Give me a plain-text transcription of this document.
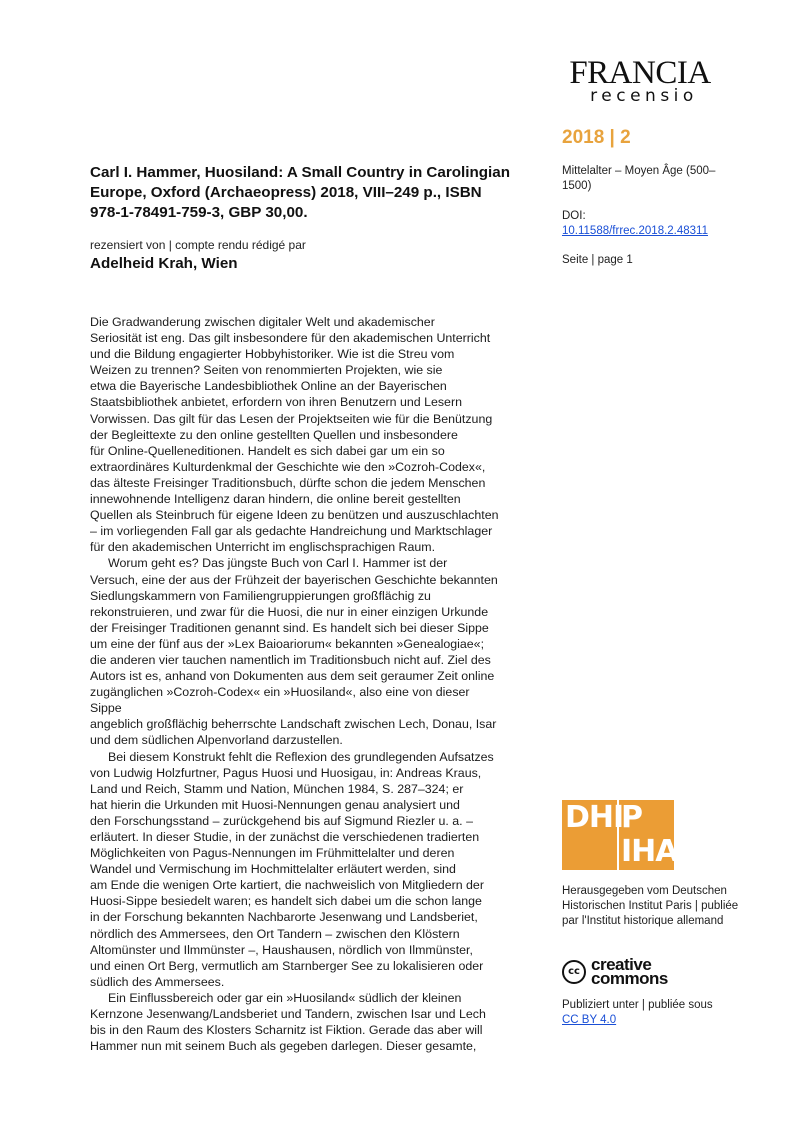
FRANCIA
recensio
2018 | 2
Mittelalter – Moyen Âge (500–
1500)
DOI:
10.11588/frrec.2018.2.48311
Seite | page 1
Carl I. Hammer, Huosiland: A Small Country in Carolingian
Europe, Oxford (Archaeopress) 2018, VIII–249 p., ISBN
978-1-78491-759-3, GBP 30,00.
rezensiert von | compte rendu rédigé par
Adelheid Krah, Wien

Die Gradwanderung zwischen digitaler Welt und akademischer
Seriosität ist eng. Das gilt insbesondere für den akademischen Unterricht
und die Bildung engagierter Hobbyhistoriker. Wie ist die Streu vom
Weizen zu trennen? Seiten von renommierten Projekten, wie sie
etwa die Bayerische Landesbibliothek Online an der Bayerischen
Staatsbibliothek anbietet, erfordern von ihren Benutzern und Lesern
Vorwissen. Das gilt für das Lesen der Projektseiten wie für die Benützung
der Begleittexte zu den online gestellten Quellen und insbesondere
für Online-Quelleneditionen. Handelt es sich dabei gar um ein so
extraordinäres Kulturdenkmal der Geschichte wie den »Cozroh-Codex«,
das älteste Freisinger Traditionsbuch, dürfte schon die jedem Menschen
innewohnende Intelligenz daran hindern, die online bereit gestellten
Quellen als Steinbruch für eigene Ideen zu benützen und auszuschlachten
– im vorliegenden Fall gar als gedachte Handreichung und Marktschlager
für den akademischen Unterricht im englischsprachigen Raum.

Worum geht es? Das jüngste Buch von Carl I. Hammer ist der
Versuch, eine der aus der Frühzeit der bayerischen Geschichte bekannten
Siedlungskammern von Familiengruppierungen großflächig zu
rekonstruieren, und zwar für die Huosi, die nur in einer einzigen Urkunde
der Freisinger Traditionen genannt sind. Es handelt sich bei dieser Sippe
um eine der fünf aus der »Lex Baioariorum« bekannten »Genealogiae«;
die anderen vier tauchen namentlich im Traditionsbuch nicht auf. Ziel des
Autors ist es, anhand von Dokumenten aus dem seit geraumer Zeit online
zugänglichen »Cozroh-Codex« ein »Huosiland«, also eine von dieser Sippe
angeblich großflächig beherrschte Landschaft zwischen Lech, Donau, Isar
und dem südlichen Alpenvorland darzustellen.

Bei diesem Konstrukt fehlt die Reflexion des grundlegenden Aufsatzes
von Ludwig Holzfurtner, Pagus Huosi und Huosigau, in: Andreas Kraus,
Land und Reich, Stamm und Nation, München 1984, S. 287–324; er
hat hierin die Urkunden mit Huosi-Nennungen genau analysiert und
den Forschungsstand – zurückgehend bis auf Sigmund Riezler u. a. –
erläutert. In dieser Studie, in der zunächst die verschiedenen tradierten
Möglichkeiten von Pagus-Nennungen im Frühmittelalter und deren
Wandel und Vermischung im Hochmittelalter erläutert werden, sind
am Ende die wenigen Orte kartiert, die nachweislich von Mitgliedern der
Huosi-Sippe besiedelt waren; es handelt sich dabei um die schon lange
in der Forschung bekannten Nachbarorte Jesenwang und Landsberiet,
nördlich des Ammersees, den Ort Tandern – zwischen den Klöstern
Altomünster und Ilmmünster –, Haushausen, nördlich von Ilmmünster,
und einen Ort Berg, vermutlich am Starnberger See zu lokalisieren oder
südlich des Ammersees.

Ein Einflussbereich oder gar ein »Huosiland« südlich der kleinen
Kernzone Jesenwang/Landsberiet und Tandern, zwischen Isar und Lech
bis in den Raum des Klosters Scharnitz ist Fiktion. Gerade das aber will
Hammer nun mit seinem Buch als gegeben darlegen. Dieser gesamte,

DHI
P
IHA
Herausgegeben vom Deutschen
Historischen Institut Paris | publiée
par l'Institut historique allemand
cc creative
commons
Publiziert unter | publiée sous
CC BY 4.0
